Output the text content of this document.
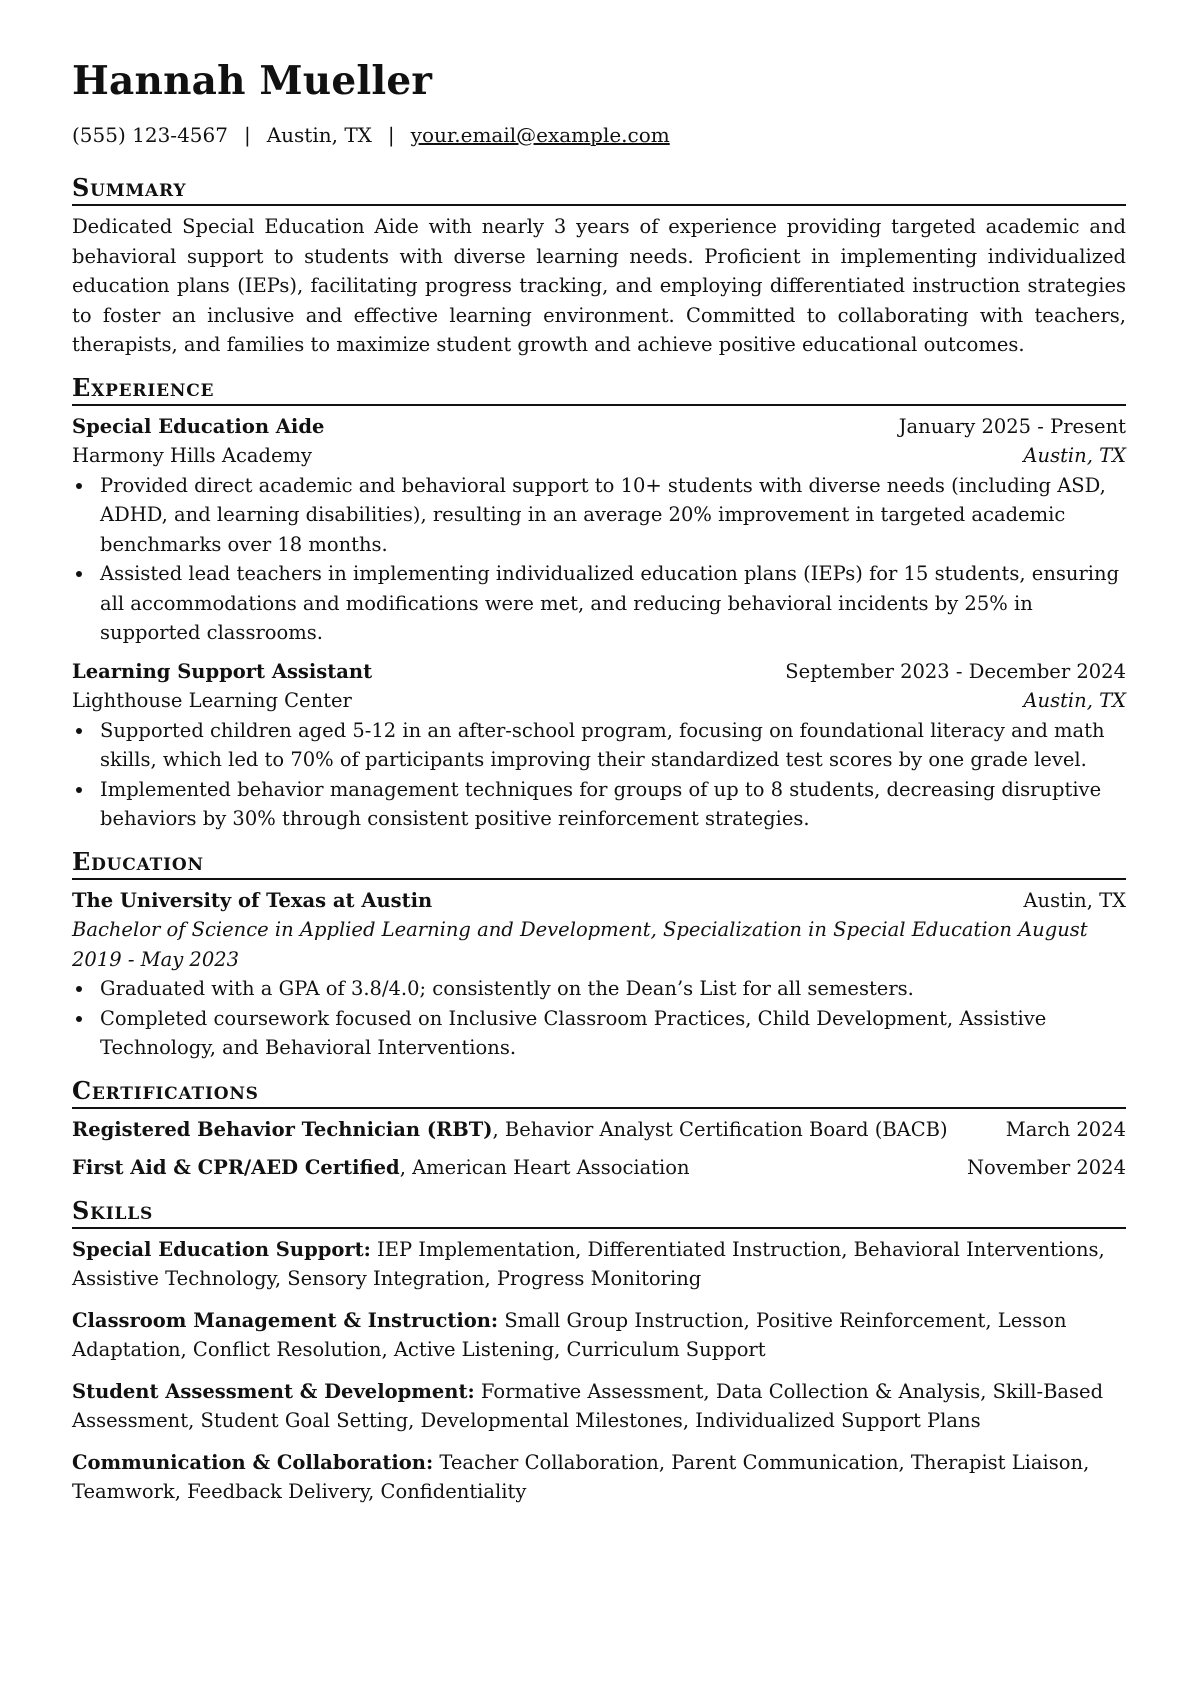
Hannah Mueller
(555) 123-4567 | Austin, TX | your.email@example.com
Summary
Dedicated Special Education Aide with nearly 3 years of experience providing targeted academic and behavioral support to students with diverse learning needs. Proficient in implementing individualized education plans (IEPs), facilitating progress tracking, and employing differentiated instruction strategies to foster an inclusive and effective learning environment. Committed to collaborating with teachers, therapists, and families to maximize student growth and achieve positive educational outcomes.
Experience
Special Education Aide	January 2025 - Present
Harmony Hills Academy	Austin, TX
Provided direct academic and behavioral support to 10+ students with diverse needs (including ASD, ADHD, and learning disabilities), resulting in an average 20% improvement in targeted academic benchmarks over 18 months.
Assisted lead teachers in implementing individualized education plans (IEPs) for 15 students, ensuring all accommodations and modifications were met, and reducing behavioral incidents by 25% in supported classrooms.
Learning Support Assistant	September 2023 - December 2024
Lighthouse Learning Center	Austin, TX
Supported children aged 5-12 in an after-school program, focusing on foundational literacy and math skills, which led to 70% of participants improving their standardized test scores by one grade level.
Implemented behavior management techniques for groups of up to 8 students, decreasing disruptive behaviors by 30% through consistent positive reinforcement strategies.
Education
The University of Texas at Austin	Austin, TX
Bachelor of Science in Applied Learning and Development, Specialization in Special Education August 2019 - May 2023
Graduated with a GPA of 3.8/4.0; consistently on the Dean’s List for all semesters.
Completed coursework focused on Inclusive Classroom Practices, Child Development, Assistive Technology, and Behavioral Interventions.
Certifications
Registered Behavior Technician (RBT), Behavior Analyst Certification Board (BACB)	March 2024
First Aid & CPR/AED Certified, American Heart Association	November 2024
Skills
Special Education Support: IEP Implementation, Differentiated Instruction, Behavioral Interventions, Assistive Technology, Sensory Integration, Progress Monitoring
Classroom Management & Instruction: Small Group Instruction, Positive Reinforcement, Lesson Adaptation, Conflict Resolution, Active Listening, Curriculum Support
Student Assessment & Development: Formative Assessment, Data Collection & Analysis, Skill-Based Assessment, Student Goal Setting, Developmental Milestones, Individualized Support Plans
Communication & Collaboration: Teacher Collaboration, Parent Communication, Therapist Liaison, Teamwork, Feedback Delivery, Confidentiality
